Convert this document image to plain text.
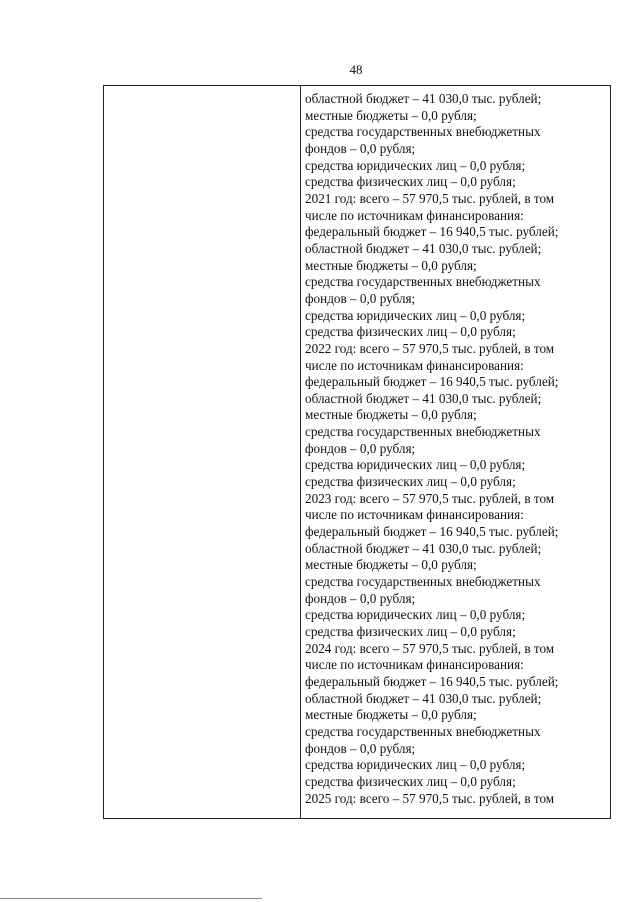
48
областной бюджет – 41 030,0 тыс. рублей;
местные бюджеты – 0,0 рубля;
средства государственных внебюджетных
фондов – 0,0 рубля;
средства юридических лиц – 0,0 рубля;
средства физических лиц – 0,0 рубля;
2021 год: всего – 57 970,5 тыс. рублей, в том
числе по источникам финансирования:
федеральный бюджет – 16 940,5 тыс. рублей;
областной бюджет – 41 030,0 тыс. рублей;
местные бюджеты – 0,0 рубля;
средства государственных внебюджетных
фондов – 0,0 рубля;
средства юридических лиц – 0,0 рубля;
средства физических лиц – 0,0 рубля;
2022 год: всего – 57 970,5 тыс. рублей, в том
числе по источникам финансирования:
федеральный бюджет – 16 940,5 тыс. рублей;
областной бюджет – 41 030,0 тыс. рублей;
местные бюджеты – 0,0 рубля;
средства государственных внебюджетных
фондов – 0,0 рубля;
средства юридических лиц – 0,0 рубля;
средства физических лиц – 0,0 рубля;
2023 год: всего – 57 970,5 тыс. рублей, в том
числе по источникам финансирования:
федеральный бюджет – 16 940,5 тыс. рублей;
областной бюджет – 41 030,0 тыс. рублей;
местные бюджеты – 0,0 рубля;
средства государственных внебюджетных
фондов – 0,0 рубля;
средства юридических лиц – 0,0 рубля;
средства физических лиц – 0,0 рубля;
2024 год: всего – 57 970,5 тыс. рублей, в том
числе по источникам финансирования:
федеральный бюджет – 16 940,5 тыс. рублей;
областной бюджет – 41 030,0 тыс. рублей;
местные бюджеты – 0,0 рубля;
средства государственных внебюджетных
фондов – 0,0 рубля;
средства юридических лиц – 0,0 рубля;
средства физических лиц – 0,0 рубля;
2025 год: всего – 57 970,5 тыс. рублей, в том
